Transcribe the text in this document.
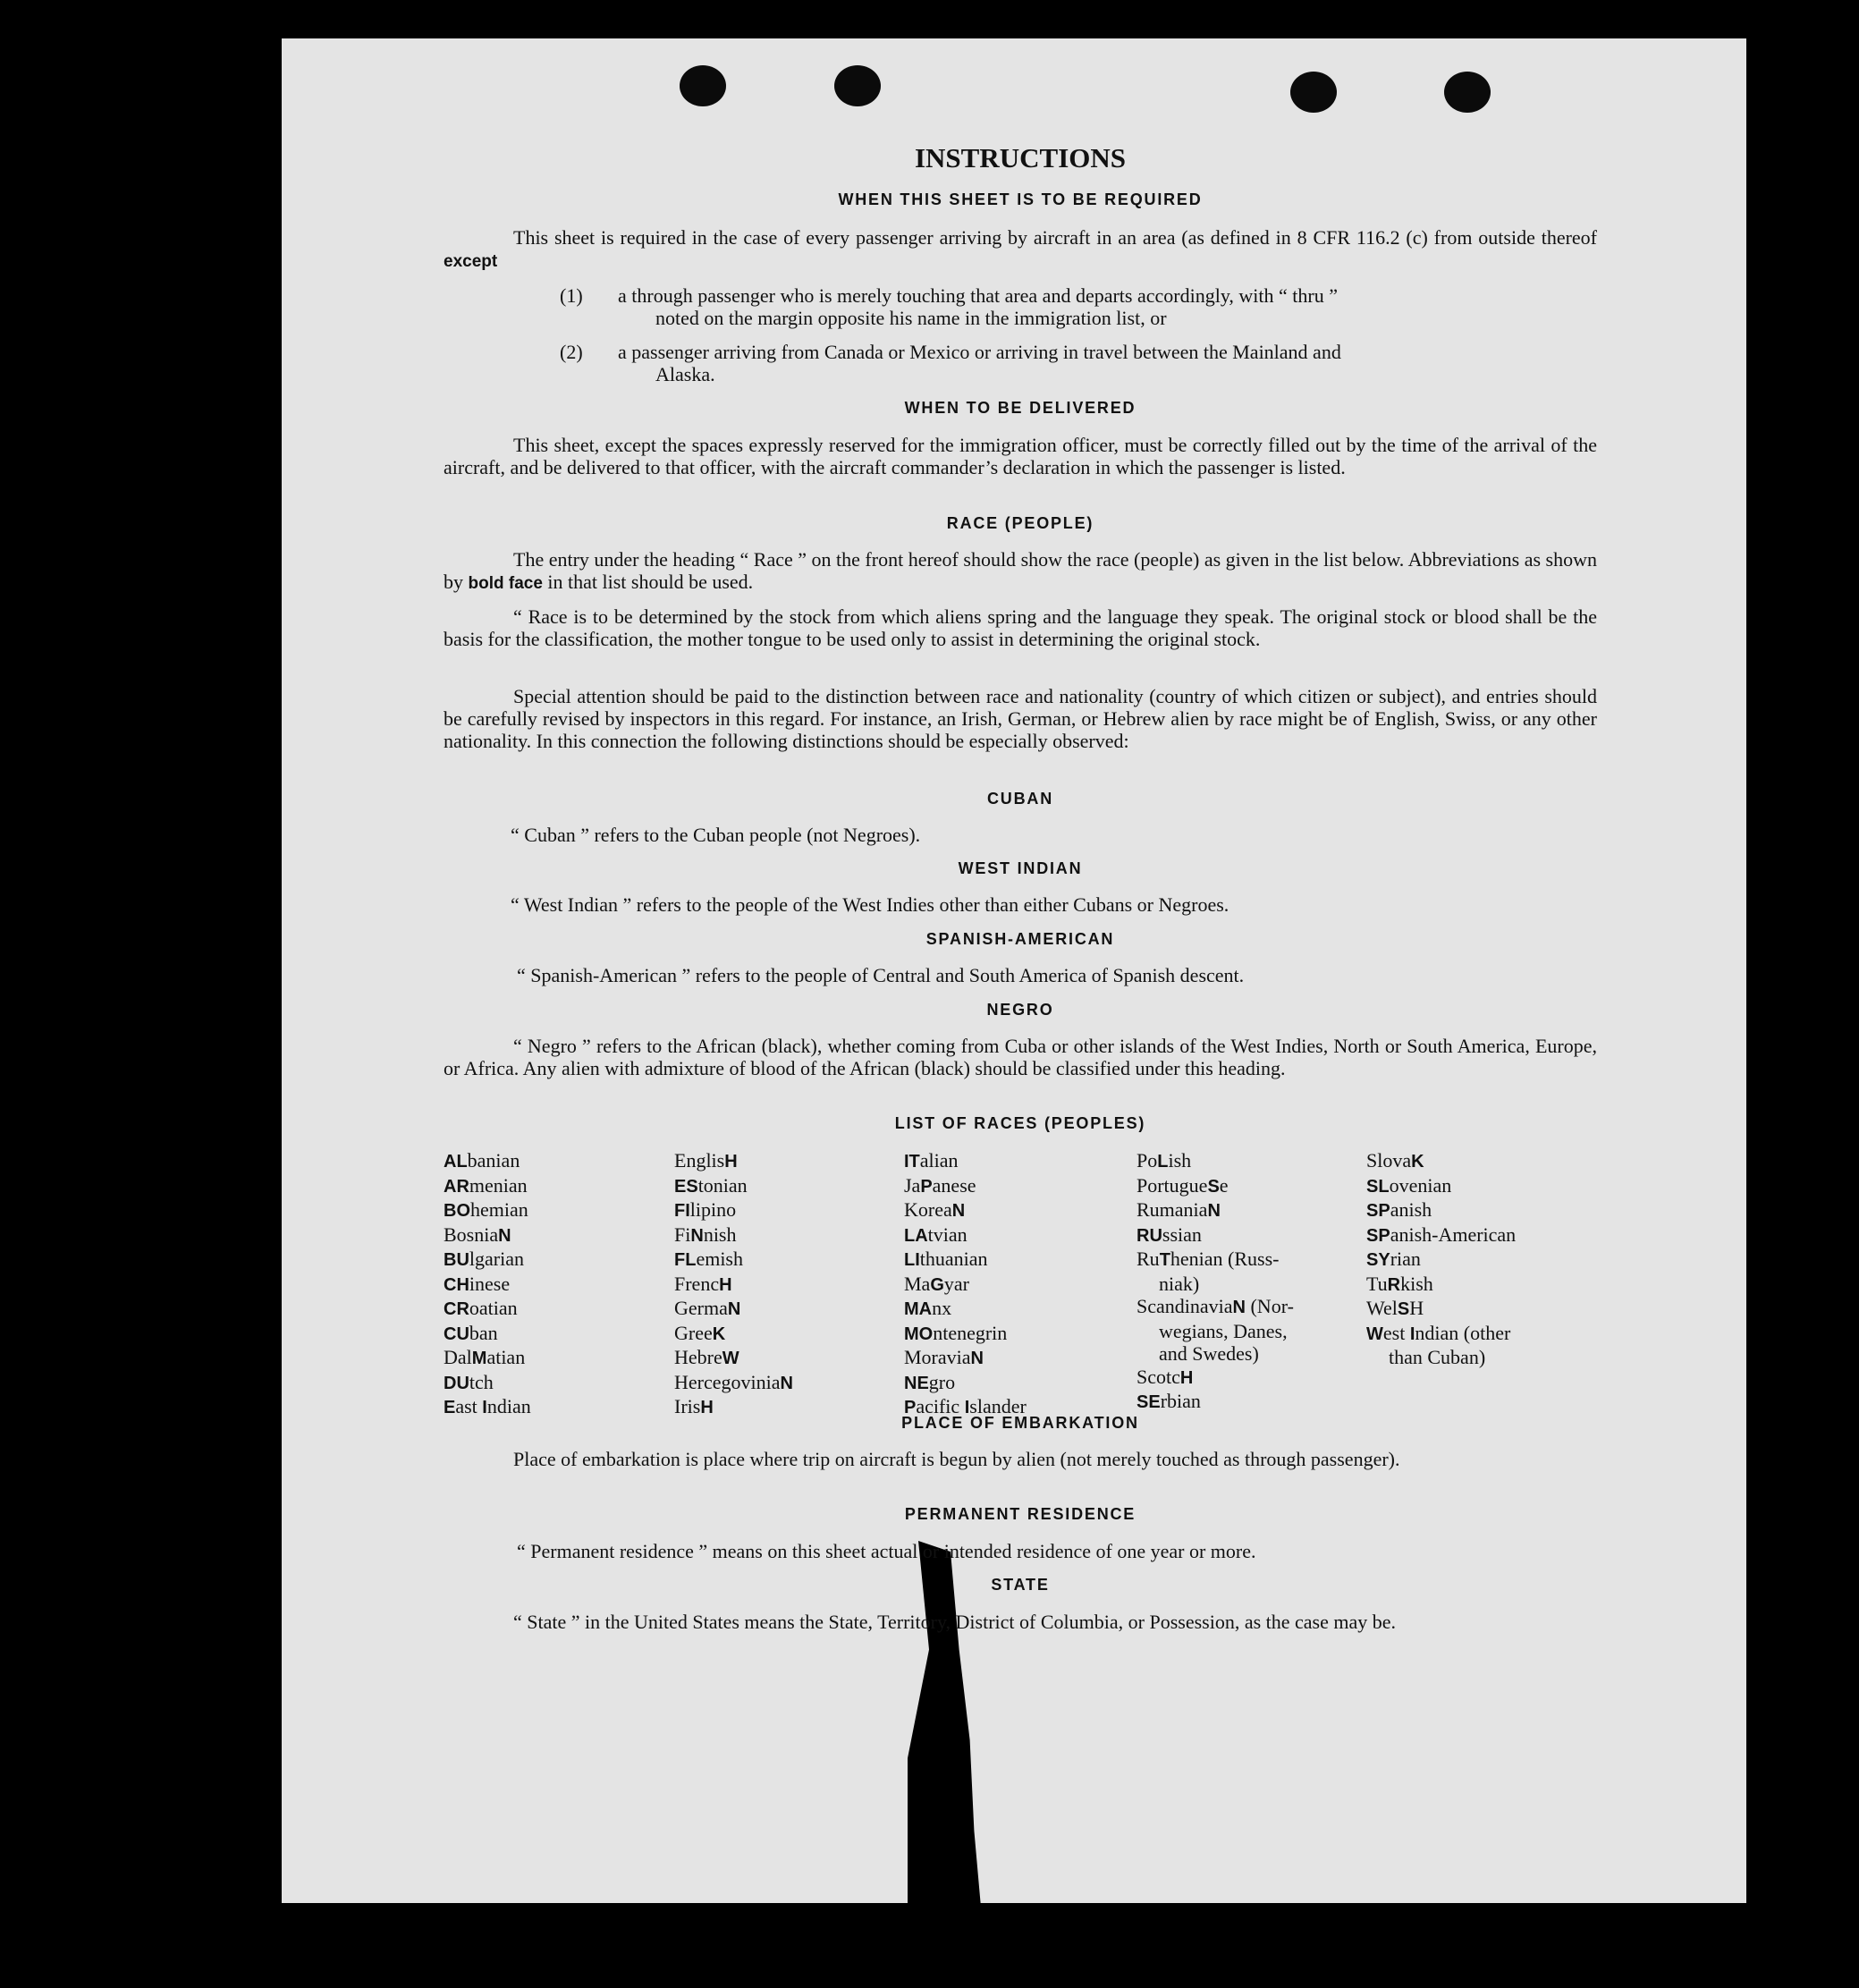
INSTRUCTIONS
WHEN THIS SHEET IS TO BE REQUIRED

This sheet is required in the case of every passenger arriving by aircraft in an area (as defined in 8 CFR 116.2 (c) from outside thereof except

(1) a through passenger who is merely touching that area and departs accordingly, with “ thru ”
noted on the margin opposite his name in the immigration list, or
(2) a passenger arriving from Canada or Mexico or arriving in travel between the Mainland and
Alaska.
WHEN TO BE DELIVERED

This sheet, except the spaces expressly reserved for the immigration officer, must be correctly filled out by the time of the arrival of the aircraft, and be delivered to that officer, with the aircraft commander’s declaration in which the passenger is listed.

RACE (PEOPLE)

The entry under the heading “ Race ” on the front hereof should show the race (people) as given in the list below. Abbreviations as shown by bold face in that list should be used.

“ Race is to be determined by the stock from which aliens spring and the language they speak. The original stock or blood shall be the basis for the classification, the mother tongue to be used only to assist in determining the original stock.

Special attention should be paid to the distinction between race and nationality (country of which citizen or subject), and entries should be carefully revised by inspectors in this regard. For instance, an Irish, German, or Hebrew alien by race might be of English, Swiss, or any other nationality. In this connection the following distinctions should be especially observed:

CUBAN

“ Cuban ” refers to the Cuban people (not Negroes).

WEST INDIAN

“ West Indian ” refers to the people of the West Indies other than either Cubans or Negroes.

SPANISH-AMERICAN

“ Spanish-American ” refers to the people of Central and South America of Spanish descent.

NEGRO

“ Negro ” refers to the African (black), whether coming from Cuba or other islands of the West Indies, North or South America, Europe, or Africa. Any alien with admixture of blood of the African (black) should be classified under this heading.

LIST OF RACES (PEOPLES)
ALbanian
ARmenian
BOhemian
BosniaN
BUlgarian
CHinese
CRoatian
CUban
DalMatian
DUtch
East Indian
EnglisH
EStonian
FIlipino
FiNnish
FLemish
FrencH
GermaN
GreeK
HebreW
HercegoviniaN
IrisH
ITalian
JaPanese
KoreaN
LAtvian
LIthuanian
MaGyar
MAnx
MOntenegrin
MoraviaN
NEgro
Pacific Islander
PoLish
PortugueSe
RumaniaN
RUssian
RuThenian (Russ-
niak)
ScandinaviaN (Nor-
wegians, Danes,
and Swedes)
ScotcH
SErbian
SlovaK
SLovenian
SPanish
SPanish-American
SYrian
TuRkish
WelSH
West Indian (other
than Cuban)
PLACE OF EMBARKATION

Place of embarkation is place where trip on aircraft is begun by alien (not merely touched as through passenger).

PERMANENT RESIDENCE

“ Permanent residence ” means on this sheet actual or intended residence of one year or more.

STATE

“ State ” in the United States means the State, Territory, District of Columbia, or Possession, as the case may be.
